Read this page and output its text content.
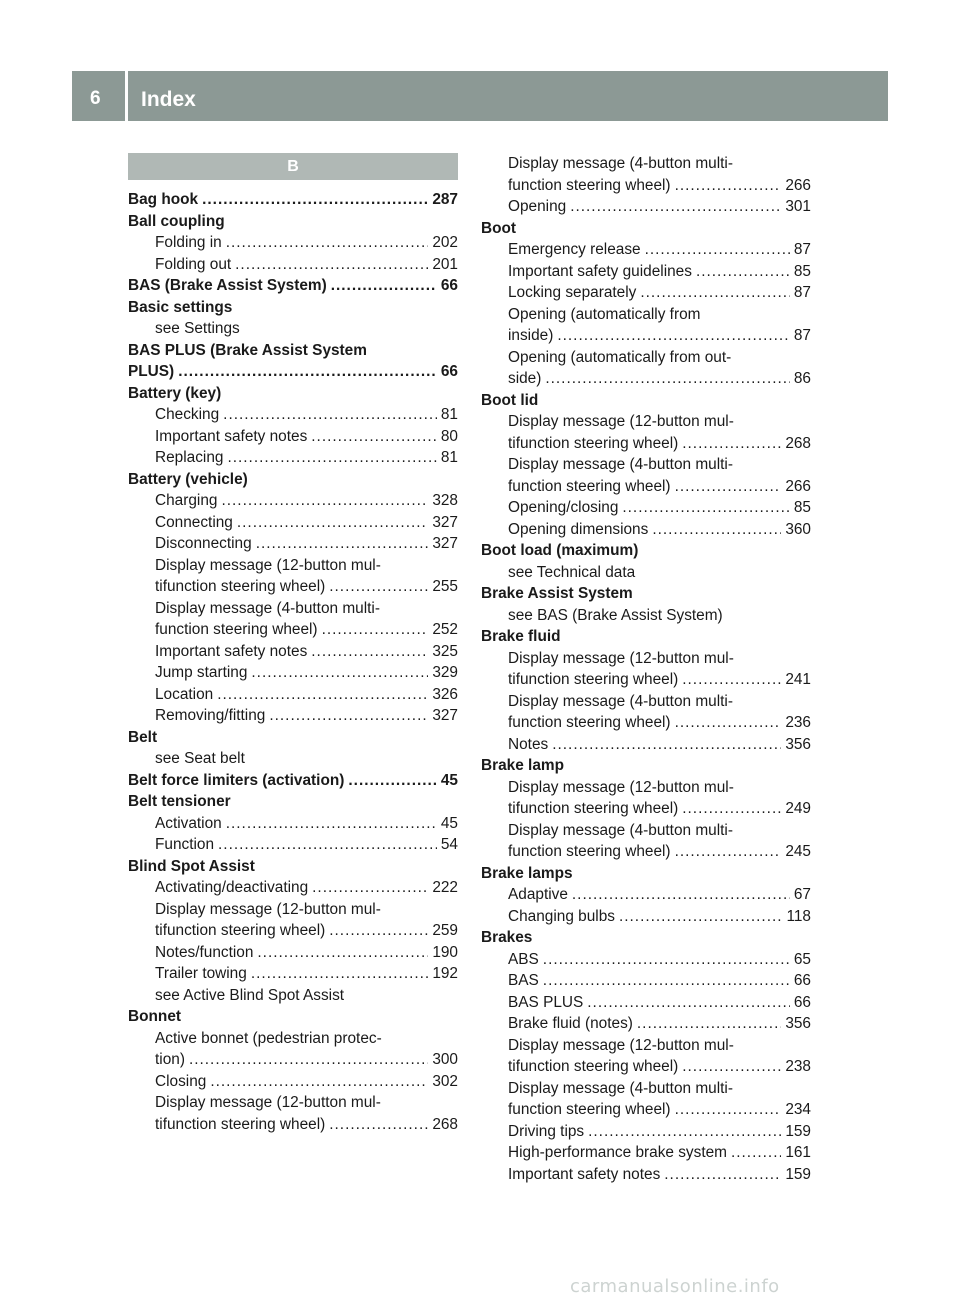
6 Index
B
Bag hook .....	287
Ball coupling
Folding in .....	202
Folding out .....	201
BAS (Brake Assist System) .....	66
Basic settings
see Settings
BAS PLUS (Brake Assist System
PLUS) .....	66
Battery (key)
Checking .....	81
Important safety notes .....	80
Replacing .....	81
Battery (vehicle)
Charging .....	328
Connecting .....	327
Disconnecting .....	327
Display message (12-button mul-
tifunction steering wheel) .....	255
Display message (4-button multi-
function steering wheel) .....	252
Important safety notes .....	325
Jump starting .....	329
Location .....	326
Removing/fitting .....	327
Belt
see Seat belt
Belt force limiters (activation) .....	45
Belt tensioner
Activation .....	45
Function .....	54
Blind Spot Assist
Activating/deactivating .....	222
Display message (12-button mul-
tifunction steering wheel) .....	259
Notes/function .....	190
Trailer towing .....	192
see Active Blind Spot Assist
Bonnet
Active bonnet (pedestrian protec-
tion) .....	300
Closing .....	302
Display message (12-button mul-
tifunction steering wheel) .....	268
Display message (4-button multi-
function steering wheel) .....	266
Opening .....	301
Boot
Emergency release .....	87
Important safety guidelines .....	85
Locking separately .....	87
Opening (automatically from
inside) .....	87
Opening (automatically from out-
side) .....	86
Boot lid
Display message (12-button mul-
tifunction steering wheel) .....	268
Display message (4-button multi-
function steering wheel) .....	266
Opening/closing .....	85
Opening dimensions .....	360
Boot load (maximum)
see Technical data
Brake Assist System
see BAS (Brake Assist System)
Brake fluid
Display message (12-button mul-
tifunction steering wheel) .....	241
Display message (4-button multi-
function steering wheel) .....	236
Notes .....	356
Brake lamp
Display message (12-button mul-
tifunction steering wheel) .....	249
Display message (4-button multi-
function steering wheel) .....	245
Brake lamps
Adaptive .....	67
Changing bulbs .....	118
Brakes
ABS .....	65
BAS .....	66
BAS PLUS .....	66
Brake fluid (notes) .....	356
Display message (12-button mul-
tifunction steering wheel) .....	238
Display message (4-button multi-
function steering wheel) .....	234
Driving tips .....	159
High-performance brake system .....	161
Important safety notes .....	159
carmanualsonline.info
